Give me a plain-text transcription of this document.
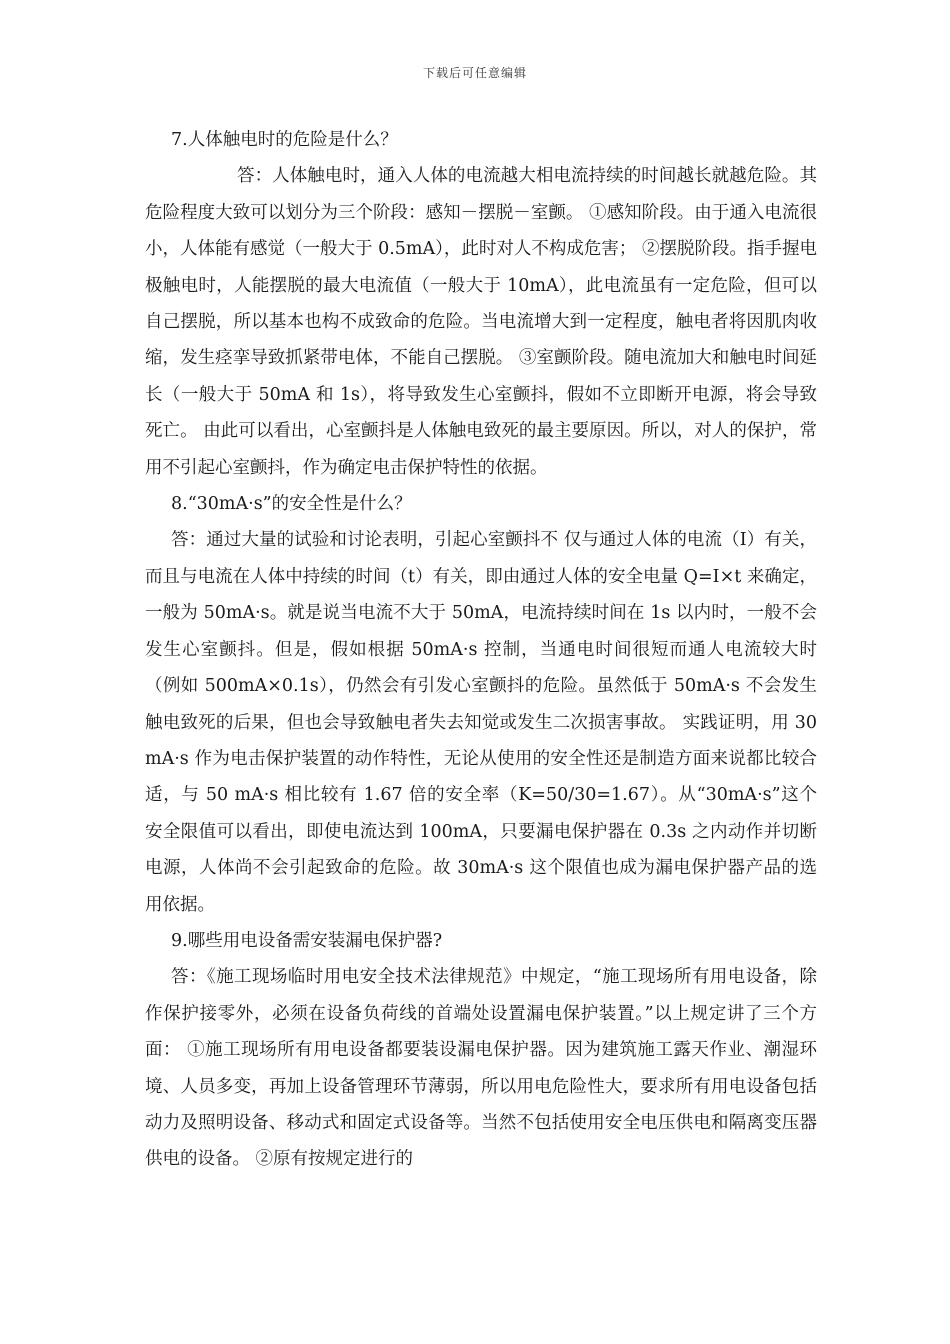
下载后可任意编辑

7.人体触电时的危险是什么？

答：人体触电时，通入人体的电流越大相电流持续的时间越长就越危险。其危险程度大致可以划分为三个阶段：感知－摆脱－室颤。 ①感知阶段。由于通入电流很小，人体能有感觉（一般大于 0.5mA），此时对人不构成危害； ②摆脱阶段。指手握电极触电时，人能摆脱的最大电流值（一般大于 10mA），此电流虽有一定危险，但可以自己摆脱，所以基本也构不成致命的危险。当电流增大到一定程度，触电者将因肌肉收缩，发生痉挛导致抓紧带电体，不能自己摆脱。 ③室颤阶段。随电流加大和触电时间延长（一般大于 50mA 和 1s），将导致发生心室颤抖，假如不立即断开电源，将会导致死亡。 由此可以看出，心室颤抖是人体触电致死的最主要原因。所以，对人的保护，常用不引起心室颤抖，作为确定电击保护特性的依据。

8.“30mA·s”的安全性是什么？

答：通过大量的试验和讨论表明，引起心室颤抖不 仅与通过人体的电流（I）有关，而且与电流在人体中持续的时间（t）有关，即由通过人体的安全电量 Q=I×t 来确定，一般为 50mA·s。就是说当电流不大于 50mA，电流持续时间在 1s 以内时，一般不会发生心室颤抖。但是，假如根据 50mA·s 控制，当通电时间很短而通人电流较大时（例如 500mA×0.1s），仍然会有引发心室颤抖的危险。虽然低于 50mA·s 不会发生触电致死的后果，但也会导致触电者失去知觉或发生二次损害事故。 实践证明，用 30 mA·s 作为电击保护装置的动作特性，无论从使用的安全性还是制造方面来说都比较合适，与 50 mA·s 相比较有 1.67 倍的安全率（K=50/30=1.67）。从“30mA·s”这个安全限值可以看出，即使电流达到 100mA，只要漏电保护器在 0.3s 之内动作并切断电源，人体尚不会引起致命的危险。故 30mA·s 这个限值也成为漏电保护器产品的选用依据。

9.哪些用电设备需安装漏电保护器?

答：《施工现场临时用电安全技术法律规范》中规定，“施工现场所有用电设备，除作保护接零外，必须在设备负荷线的首端处设置漏电保护装置。”以上规定讲了三个方面： ①施工现场所有用电设备都要装设漏电保护器。因为建筑施工露天作业、潮湿环境、人员多变，再加上设备管理环节薄弱，所以用电危险性大，要求所有用电设备包括动力及照明设备、移动式和固定式设备等。当然不包括使用安全电压供电和隔离变压器供电的设备。 ②原有按规定进行的
